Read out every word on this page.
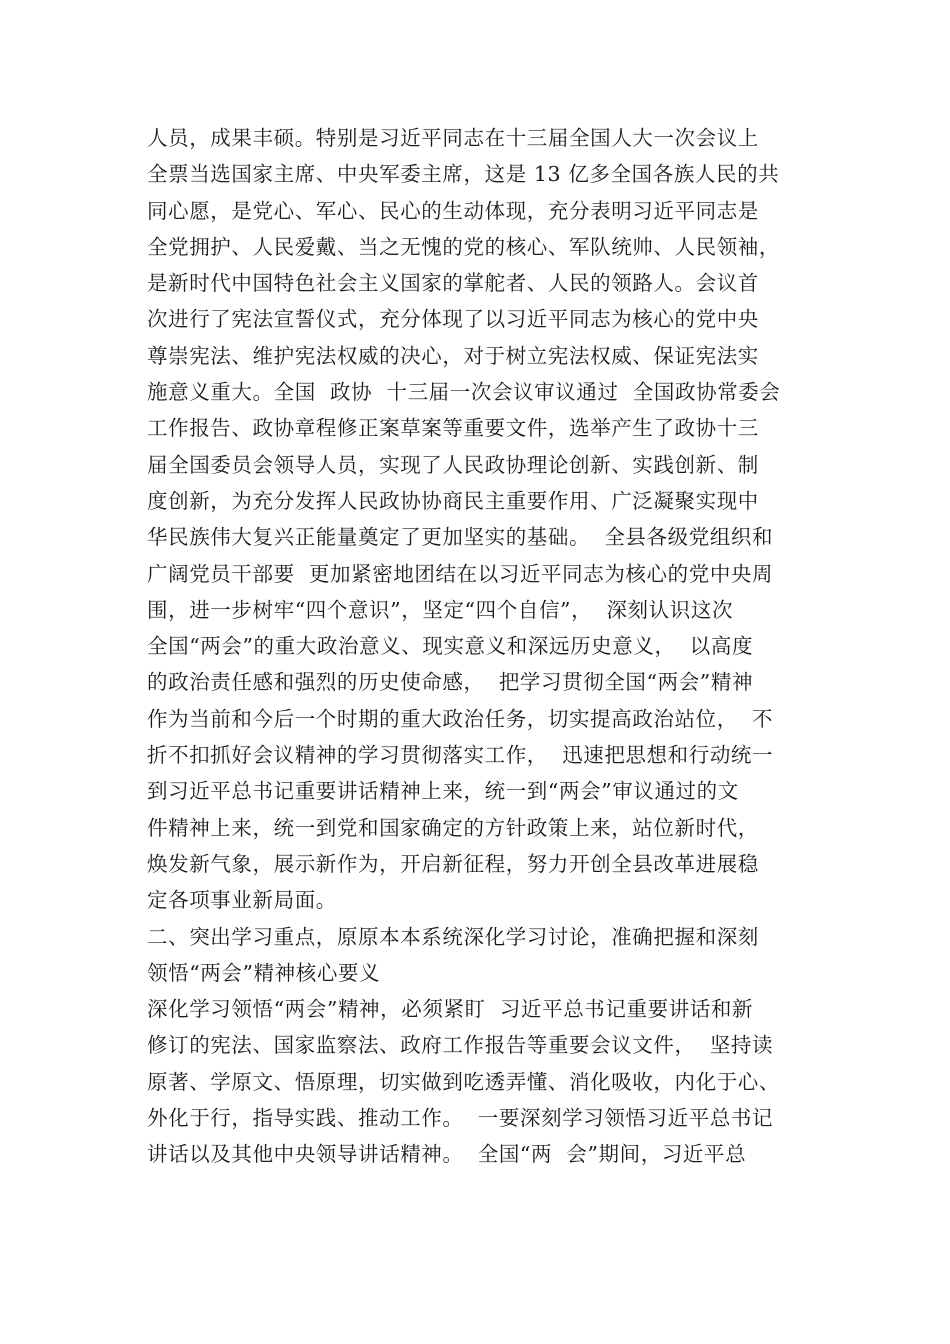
人员，成果丰硕。特别是习近平同志在十三届全国人大一次会议上
全票当选国家主席、中央军委主席，这是 13 亿多全国各族人民的共
同心愿，是党心、军心、民心的生动体现，充分表明习近平同志是
全党拥护、人民爱戴、当之无愧的党的核心、军队统帅、人民领袖，
是新时代中国特色社会主义国家的掌舵者、人民的领路人。会议首
次进行了宪法宣誓仪式，充分体现了以习近平同志为核心的党中央
尊崇宪法、维护宪法权威的决心，对于树立宪法权威、保证宪法实
施意义重大。全国  政协  十三届一次会议审议通过  全国政协常委会
工作报告、政协章程修正案草案等重要文件，选举产生了政协十三
届全国委员会领导人员，实现了人民政协理论创新、实践创新、制
度创新，为充分发挥人民政协协商民主重要作用、广泛凝聚实现中
华民族伟大复兴正能量奠定了更加坚实的基础。  全县各级党组织和
广阔党员干部要  更加紧密地团结在以习近平同志为核心的党中央周
围，进一步树牢“四个意识”，坚定“四个自信”，  深刻认识这次
全国“两会”的重大政治意义、现实意义和深远历史意义，  以高度
的政治责任感和强烈的历史使命感，  把学习贯彻全国“两会”精神
作为当前和今后一个时期的重大政治任务，切实提高政治站位，  不
折不扣抓好会议精神的学习贯彻落实工作，  迅速把思想和行动统一
到习近平总书记重要讲话精神上来，统一到“两会”审议通过的文
件精神上来，统一到党和国家确定的方针政策上来，站位新时代，
焕发新气象，展示新作为，开启新征程，努力开创全县改革进展稳
定各项事业新局面。
二、突出学习重点，原原本本系统深化学习讨论，准确把握和深刻
领悟“两会”精神核心要义
深化学习领悟“两会”精神，必须紧盯  习近平总书记重要讲话和新
修订的宪法、国家监察法、政府工作报告等重要会议文件，  坚持读
原著、学原文、悟原理，切实做到吃透弄懂、消化吸收，内化于心、
外化于行，指导实践、推动工作。  一要深刻学习领悟习近平总书记
讲话以及其他中央领导讲话精神。  全国“两  会”期间，习近平总
